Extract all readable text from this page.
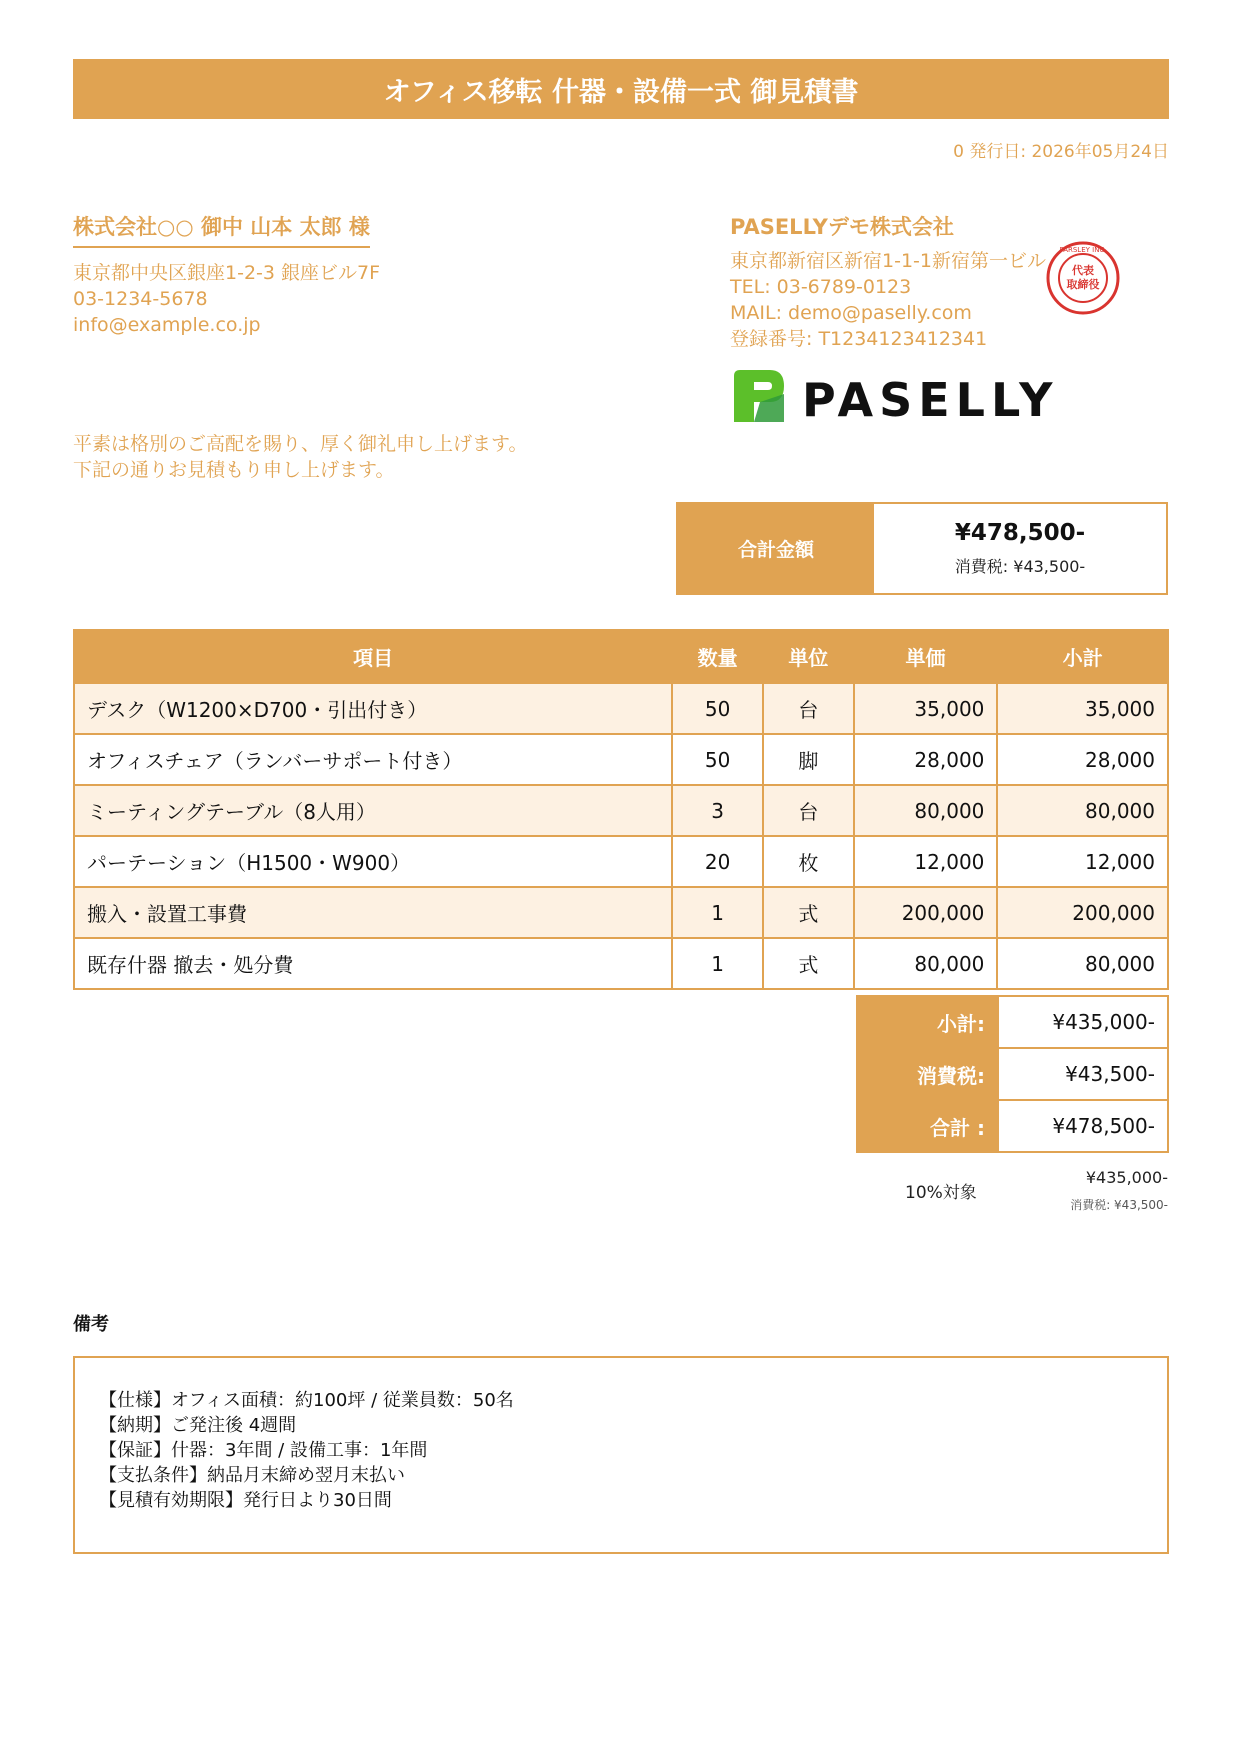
オフィス移転 什器・設備一式 御見積書
0 発行日: 2026年05月24日
株式会社○○ 御中 山本 太郎 様
東京都中央区銀座1-2-3 銀座ビル7F
03-1234-5678
info@example.co.jp
平素は格別のご高配を賜り、厚く御礼申し上げます。
下記の通りお見積もり申し上げます。
PASELLYデモ株式会社
東京都新宿区新宿1-1-1新宿第一ビル
TEL: 03-6789-0123
MAIL: demo@paselly.com
登録番号: T1234123412341
代表
取締役
PARSLEY INC.
PASELLY
合計金額
¥478,500-
消費税: ¥43,500-
項目	数量	単位	単価	小計
デスク（W1200×D700・引出付き）	50	台	35,000	35,000
オフィスチェア（ランバーサポート付き）	50	脚	28,000	28,000
ミーティングテーブル（8人用）	3	台	80,000	80,000
パーテーション（H1500・W900）	20	枚	12,000	12,000
搬入・設置工事費	1	式	200,000	200,000
既存什器 撤去・処分費	1	式	80,000	80,000
小計:	¥435,000-
消費税:	¥43,500-
合計 :	¥478,500-
10%対象
¥435,000-
消費税: ¥43,500-
備考
【仕様】オフィス面積：約100坪 / 従業員数：50名
【納期】ご発注後 4週間
【保証】什器：3年間 / 設備工事：1年間
【支払条件】納品月末締め翌月末払い
【見積有効期限】発行日より30日間
